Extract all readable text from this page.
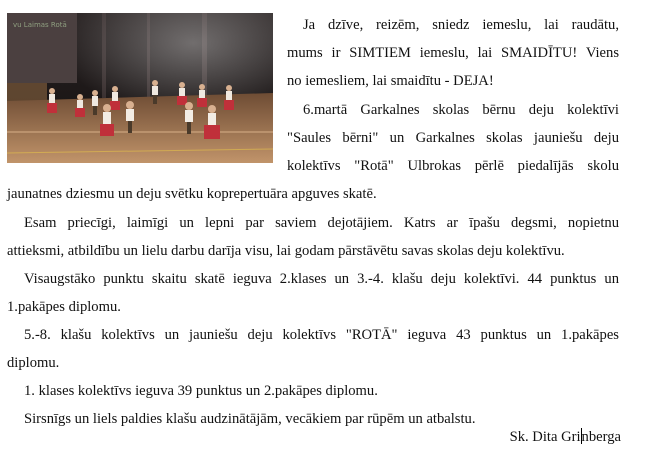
vu Laimas Rotā	Ja dzīve, reizēm, sniedz iemeslu, lai raudātu,
mums ir SIMTIEM iemeslu, lai SMAIDĪTU! Viens
no iemesliem, lai smaidītu - DEJA!
6.martā Garkalnes skolas bērnu deju kolektīvi
"Saules bērni" un Garkalnes skolas jauniešu deju
kolektīvs "Rotā" Ulbrokas pērlē piedalījās skolu
jaunatnes dziesmu un deju svētku koprepertuāra apguves skatē.
Esam priecīgi, laimīgi un lepni par saviem dejotājiem. Katrs ar īpašu degsmi, nopietnu
attieksmi, atbildību un lielu darbu darīja visu, lai godam pārstāvētu savas skolas deju kolektīvu.
Visaugstāko punktu skaitu skatē ieguva 2.klases un 3.-4. klašu deju kolektīvi. 44 punktus un
1.pakāpes diplomu.
5.-8. klašu kolektīvs un jauniešu deju kolektīvs "ROTĀ" ieguva 43 punktus un 1.pakāpes
diplomu.
1. klases kolektīvs ieguva 39 punktus un 2.pakāpes diplomu.
Sirsnīgs un liels paldies klašu audzinātājām, vecākiem par rūpēm un atbalstu.
Sk. Dita Grinberga
